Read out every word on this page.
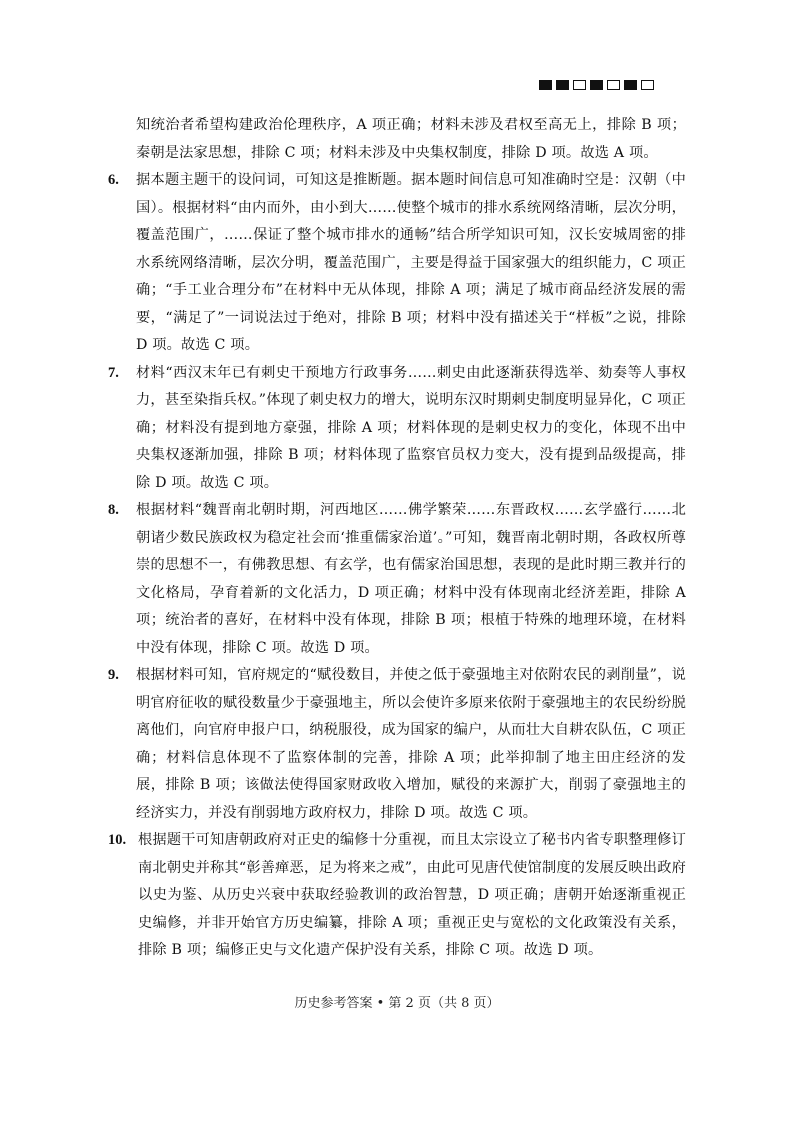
知统治者希望构建政治伦理秩序，A 项正确；材料未涉及君权至高无上，排除 B 项；秦朝是法家思想，排除 C 项；材料未涉及中央集权制度，排除 D 项。故选 A 项。
6.	据本题主题干的设问词，可知这是推断题。据本题时间信息可知准确时空是：汉朝（中国）。根据材料“由内而外，由小到大……使整个城市的排水系统网络清晰，层次分明，覆盖范围广，……保证了整个城市排水的通畅”结合所学知识可知，汉长安城周密的排水系统网络清晰，层次分明，覆盖范围广，主要是得益于国家强大的组织能力，C 项正确；“手工业合理分布”在材料中无从体现，排除 A 项；满足了城市商品经济发展的需要，“满足了”一词说法过于绝对，排除 B 项；材料中没有描述关于“样板”之说，排除 D 项。故选 C 项。
7.	材料“西汉末年已有刺史干预地方行政事务……刺史由此逐渐获得选举、劾奏等人事权力，甚至染指兵权。”体现了刺史权力的增大，说明东汉时期刺史制度明显异化，C 项正确；材料没有提到地方豪强，排除 A 项；材料体现的是刺史权力的变化，体现不出中央集权逐渐加强，排除 B 项；材料体现了监察官员权力变大，没有提到品级提高，排除 D 项。故选 C 项。
8.	根据材料“魏晋南北朝时期，河西地区……佛学繁荣……东晋政权……玄学盛行……北朝诸少数民族政权为稳定社会而‘推重儒家治道’。”可知，魏晋南北朝时期，各政权所尊崇的思想不一，有佛教思想、有玄学，也有儒家治国思想，表现的是此时期三教并行的文化格局，孕育着新的文化活力，D 项正确；材料中没有体现南北经济差距，排除 A 项；统治者的喜好，在材料中没有体现，排除 B 项；根植于特殊的地理环境，在材料中没有体现，排除 C 项。故选 D 项。
9.	根据材料可知，官府规定的“赋役数目，并使之低于豪强地主对依附农民的剥削量”，说明官府征收的赋役数量少于豪强地主，所以会使许多原来依附于豪强地主的农民纷纷脱离他们，向官府申报户口，纳税服役，成为国家的编户，从而壮大自耕农队伍，C 项正确；材料信息体现不了监察体制的完善，排除 A 项；此举抑制了地主田庄经济的发展，排除 B 项；该做法使得国家财政收入增加，赋役的来源扩大，削弱了豪强地主的经济实力，并没有削弱地方政府权力，排除 D 项。故选 C 项。
10. 根据题干可知唐朝政府对正史的编修十分重视，而且太宗设立了秘书内省专职整理修订南北朝史并称其“彰善瘅恶，足为将来之戒”，由此可见唐代使馆制度的发展反映出政府以史为鉴、从历史兴衰中获取经验教训的政治智慧，D 项正确；唐朝开始逐渐重视正史编修，并非开始官方历史编纂，排除 A 项；重视正史与宽松的文化政策没有关系，排除 B 项；编修正史与文化遗产保护没有关系，排除 C 项。故选 D 项。
历史参考答案 • 第 2 页（共 8 页）
